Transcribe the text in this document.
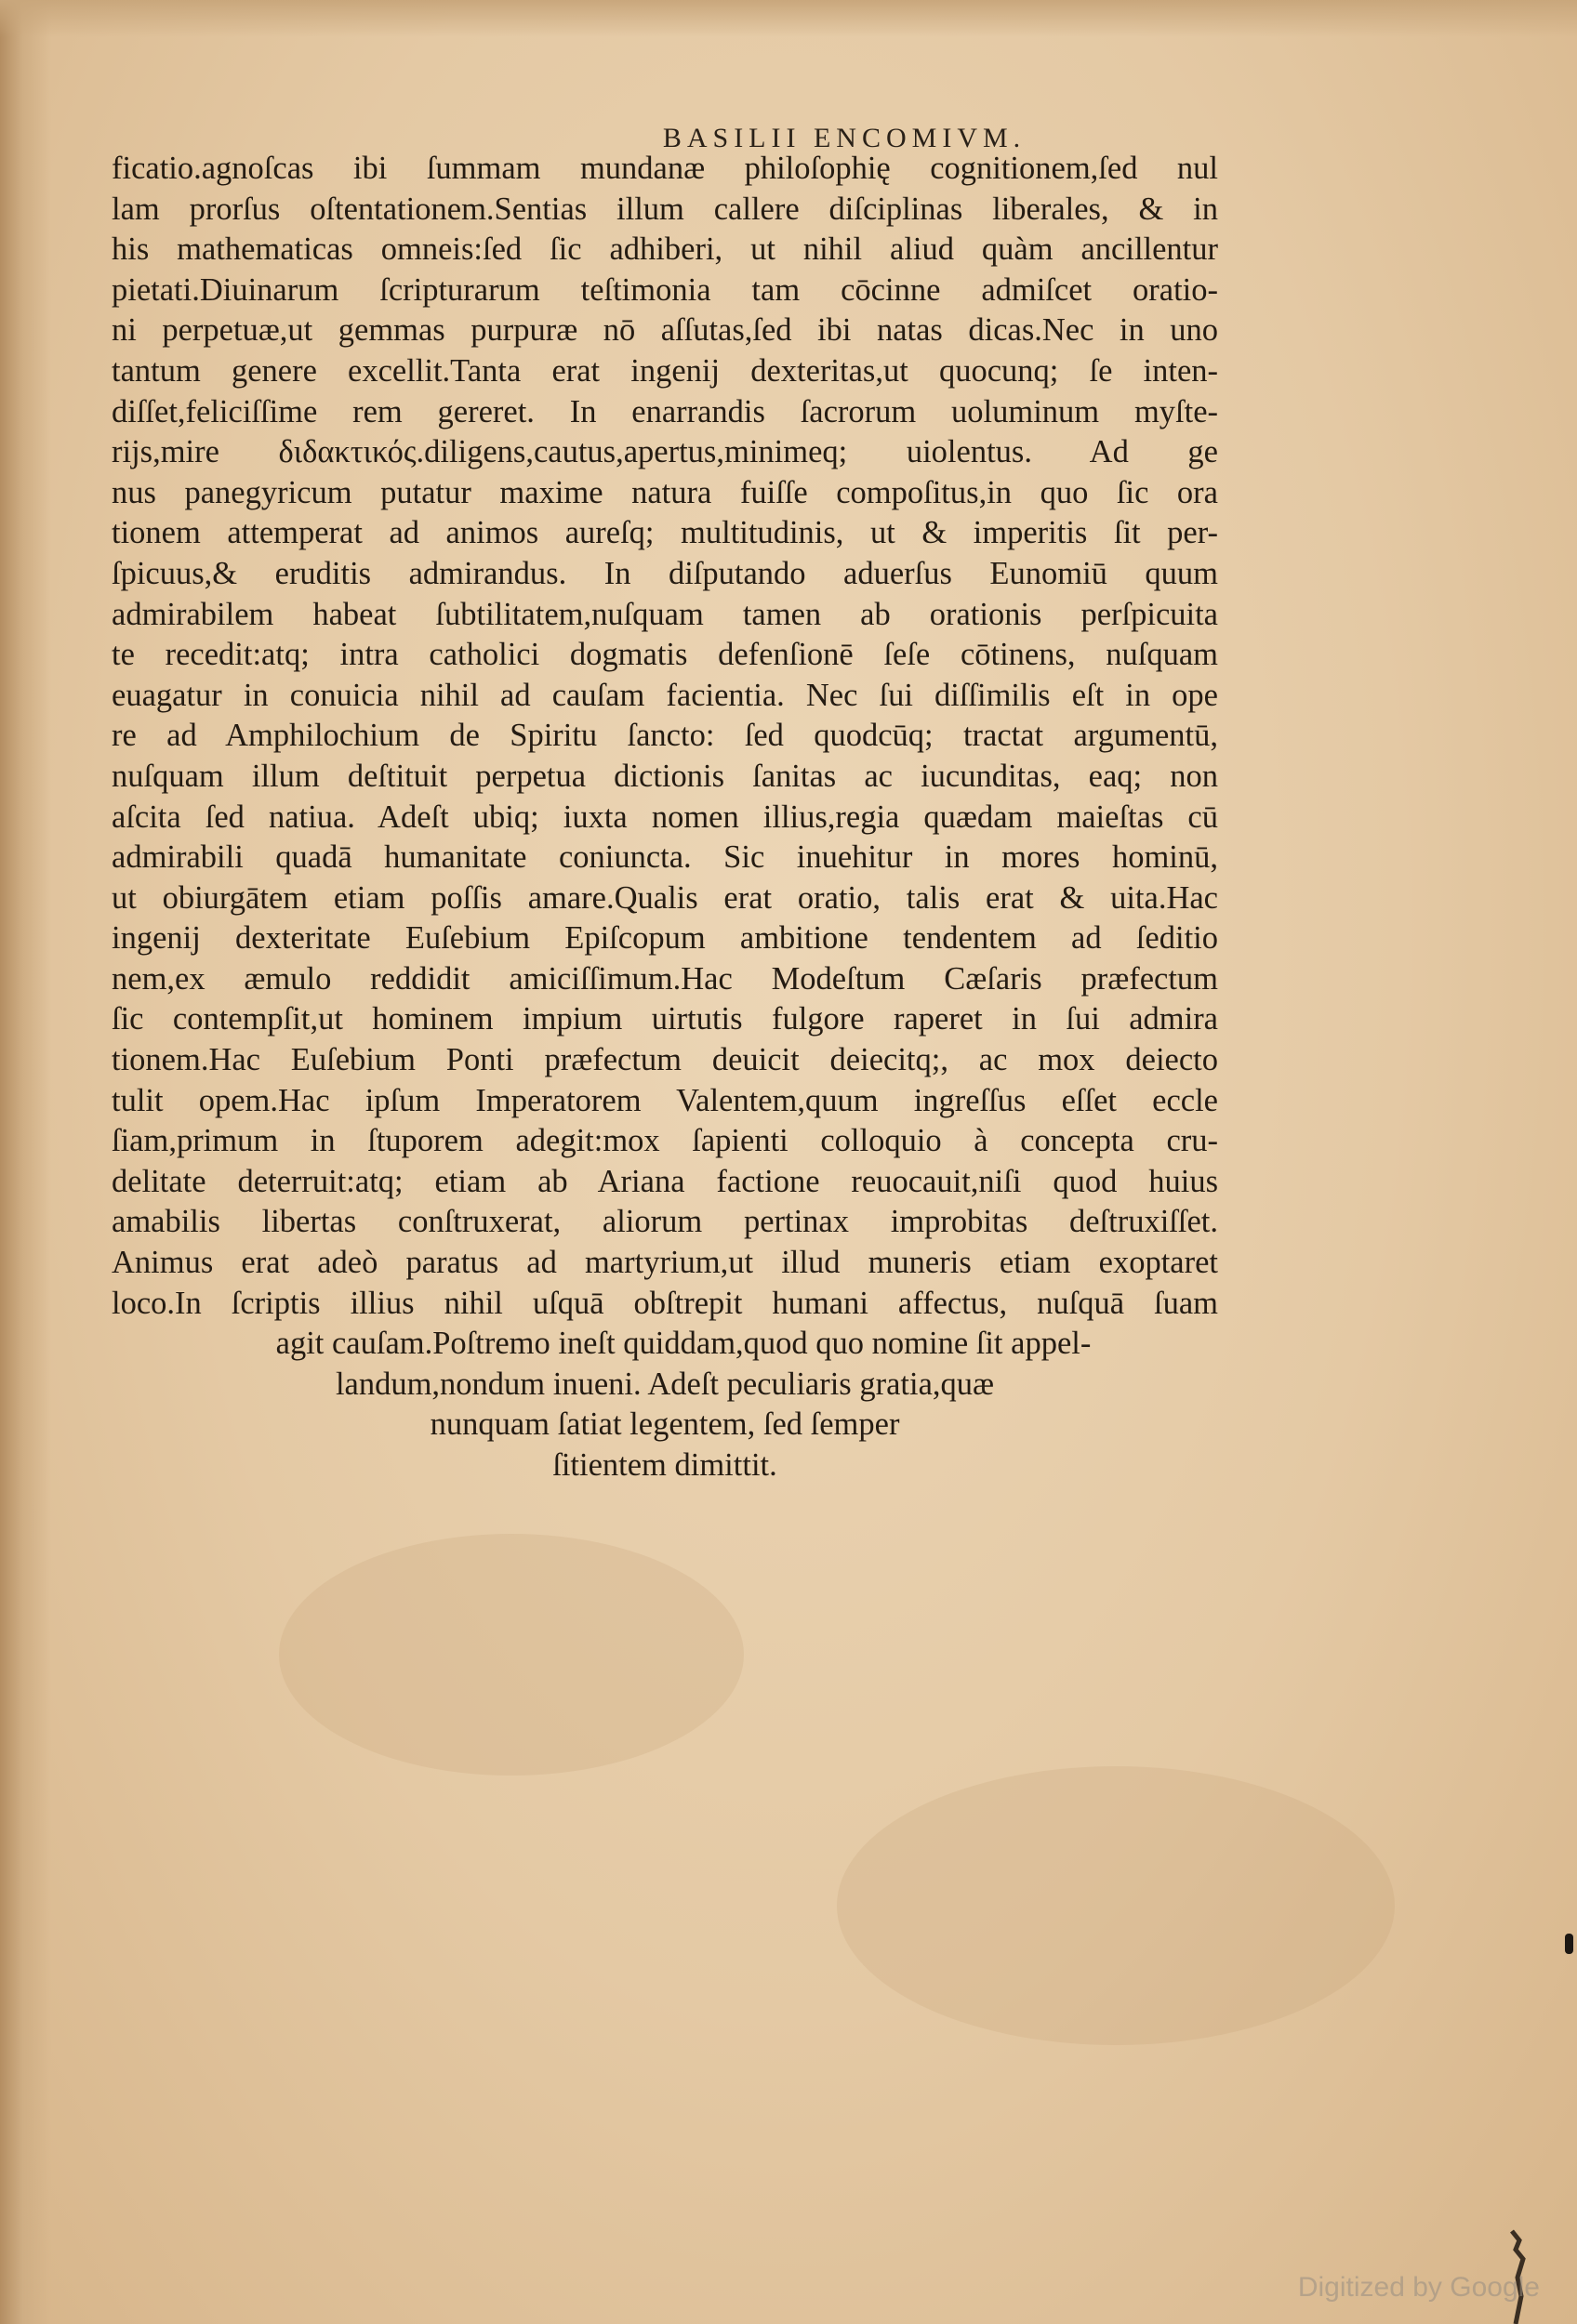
BASILII ENCOMIVM.
ficatio.agnoſcas ibi ſummam mundanæ philoſophię cognitionem,ſed nul
lam prorſus oſtentationem.Sentias illum callere diſciplinas liberales, & in
his mathematicas omneis:ſed ſic adhiberi, ut nihil aliud quàm ancillentur
pietati.Diuinarum ſcripturarum teſtimonia tam cōcinne admiſcet oratio-
ni perpetuæ,ut gemmas purpuræ nō aſſutas,ſed ibi natas dicas.Nec in uno
tantum genere excellit.Tanta erat ingenij dexteritas,ut quocunq; ſe inten-
diſſet,feliciſſime rem gereret. In enarrandis ſacrorum uoluminum myſte-
rijs,mire διδακτικός.diligens,cautus,apertus,minimeq; uiolentus. Ad ge
nus panegyricum putatur maxime natura fuiſſe compoſitus,in quo ſic ora
tionem attemperat ad animos aureſq; multitudinis, ut & imperitis ſit per-
ſpicuus,& eruditis admirandus. In diſputando aduerſus Eunomiū quum
admirabilem habeat ſubtilitatem,nuſquam tamen ab orationis perſpicuita
te recedit:atq; intra catholici dogmatis defenſionē ſeſe cōtinens, nuſquam
euagatur in conuicia nihil ad cauſam facientia. Nec ſui diſſimilis eſt in ope
re ad Amphilochium de Spiritu ſancto: ſed quodcūq; tractat argumentū,
nuſquam illum deſtituit perpetua dictionis ſanitas ac iucunditas, eaq; non
aſcita ſed natiua. Adeſt ubiq; iuxta nomen illius,regia quædam maieſtas cū
admirabili quadā humanitate coniuncta. Sic inuehitur in mores hominū,
ut obiurgātem etiam poſſis amare.Qualis erat oratio, talis erat & uita.Hac
ingenij dexteritate Euſebium Epiſcopum ambitione tendentem ad ſeditio
nem,ex æmulo reddidit amiciſſimum.Hac Modeſtum Cæſaris præfectum
ſic contempſit,ut hominem impium uirtutis fulgore raperet in ſui admira
tionem.Hac Euſebium Ponti præfectum deuicit deiecitq;, ac mox deiecto
tulit opem.Hac ipſum Imperatorem Valentem,quum ingreſſus eſſet eccle
ſiam,primum in ſtuporem adegit:mox ſapienti colloquio à concepta cru-
delitate deterruit:atq; etiam ab Ariana factione reuocauit,niſi quod huius
amabilis libertas conſtruxerat, aliorum pertinax improbitas deſtruxiſſet.
Animus erat adeò paratus ad martyrium,ut illud muneris etiam exoptaret
loco.In ſcriptis illius nihil uſquā obſtrepit humani affectus, nuſquā ſuam
agit cauſam.Poſtremo ineſt quiddam,quod quo nomine ſit appel-
landum,nondum inueni. Adeſt peculiaris gratia,quæ
nunquam ſatiat legentem, ſed ſemper
ſitientem dimittit.
Digitized by Google
